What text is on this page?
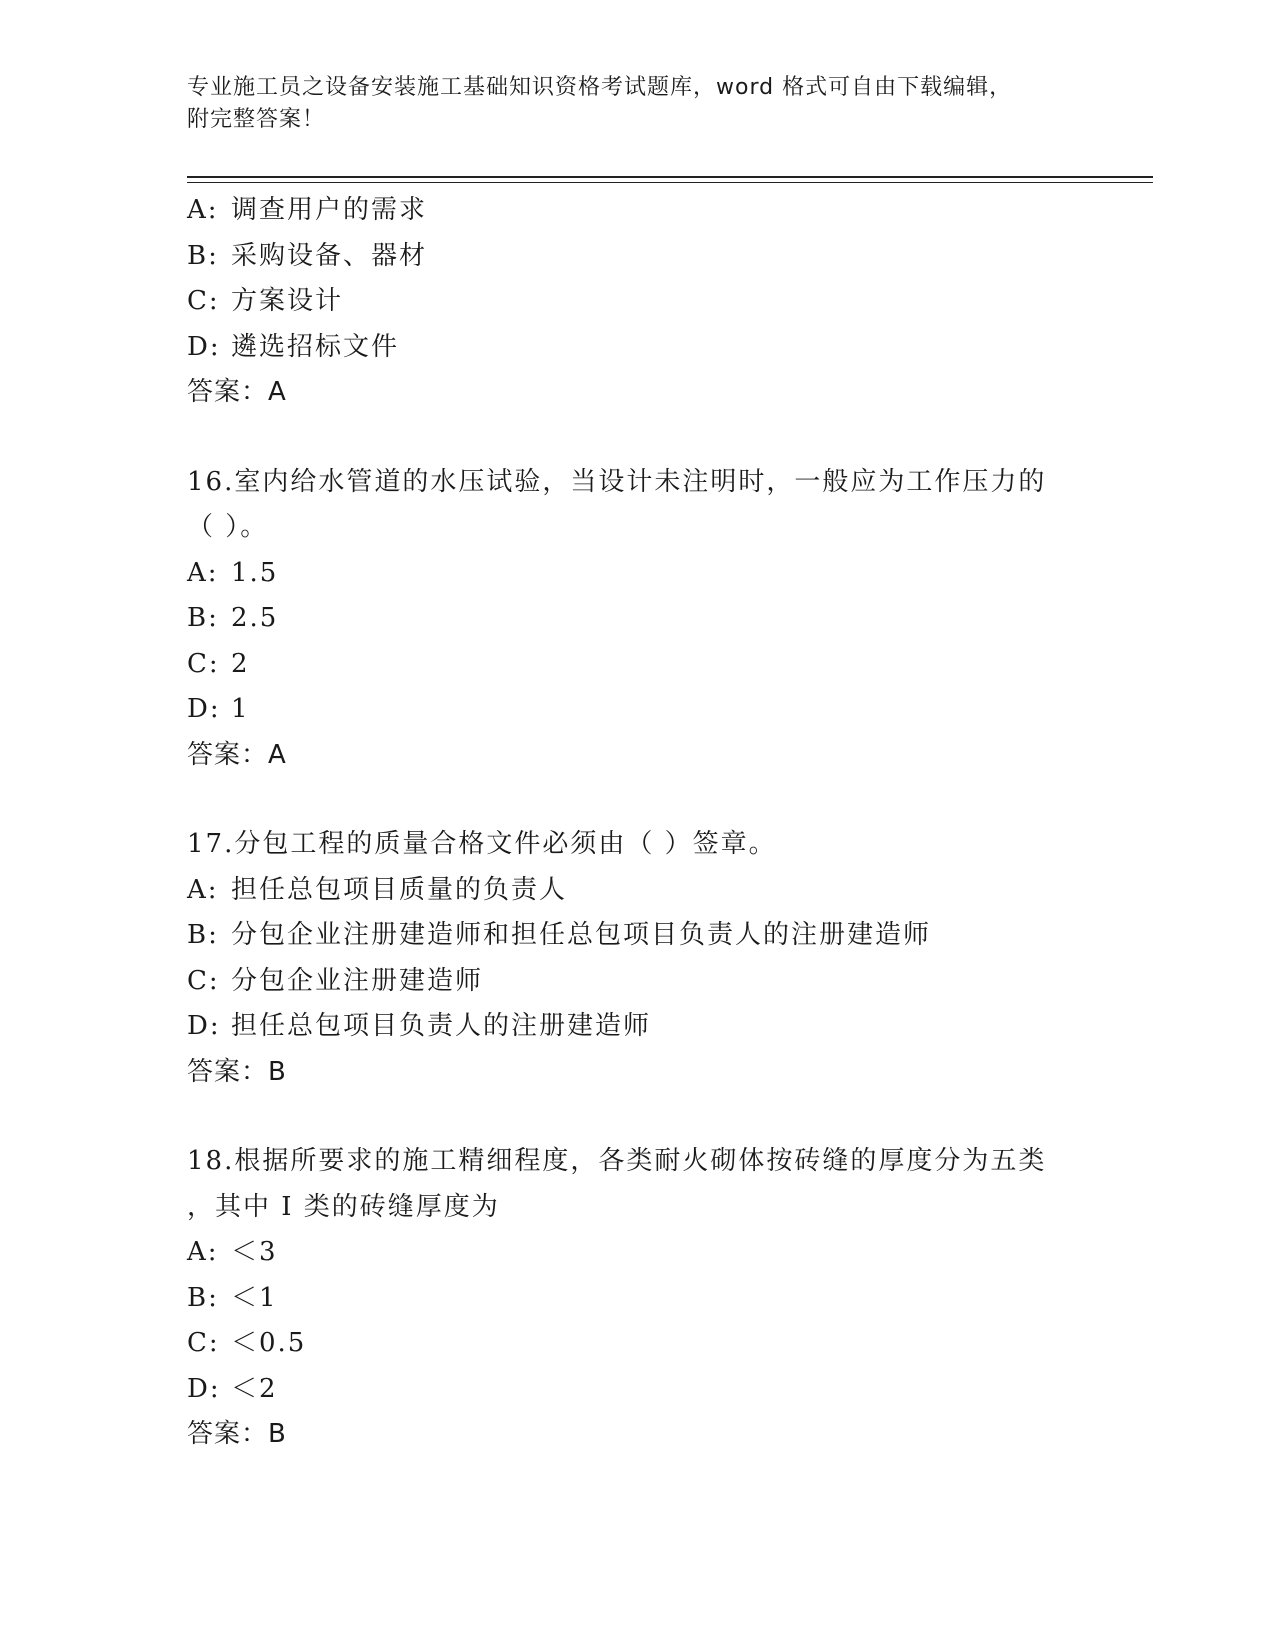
专业施工员之设备安装施工基础知识资格考试题库，word 格式可自由下载编辑，
附完整答案！
A: 调查用户的需求
B: 采购设备、器材
C: 方案设计
D: 遴选招标文件
答案：A
16.室内给水管道的水压试验，当设计未注明时，一般应为工作压力的
（ ）。
A: 1.5
B: 2.5
C: 2
D: 1
答案：A
17.分包工程的质量合格文件必须由（ ）签章。
A: 担任总包项目质量的负责人
B: 分包企业注册建造师和担任总包项目负责人的注册建造师
C: 分包企业注册建造师
D: 担任总包项目负责人的注册建造师
答案：B
18.根据所要求的施工精细程度，各类耐火砌体按砖缝的厚度分为五类
，其中 I 类的砖缝厚度为
A: ＜3
B: ＜1
C: ＜0.5
D: ＜2
答案：B
